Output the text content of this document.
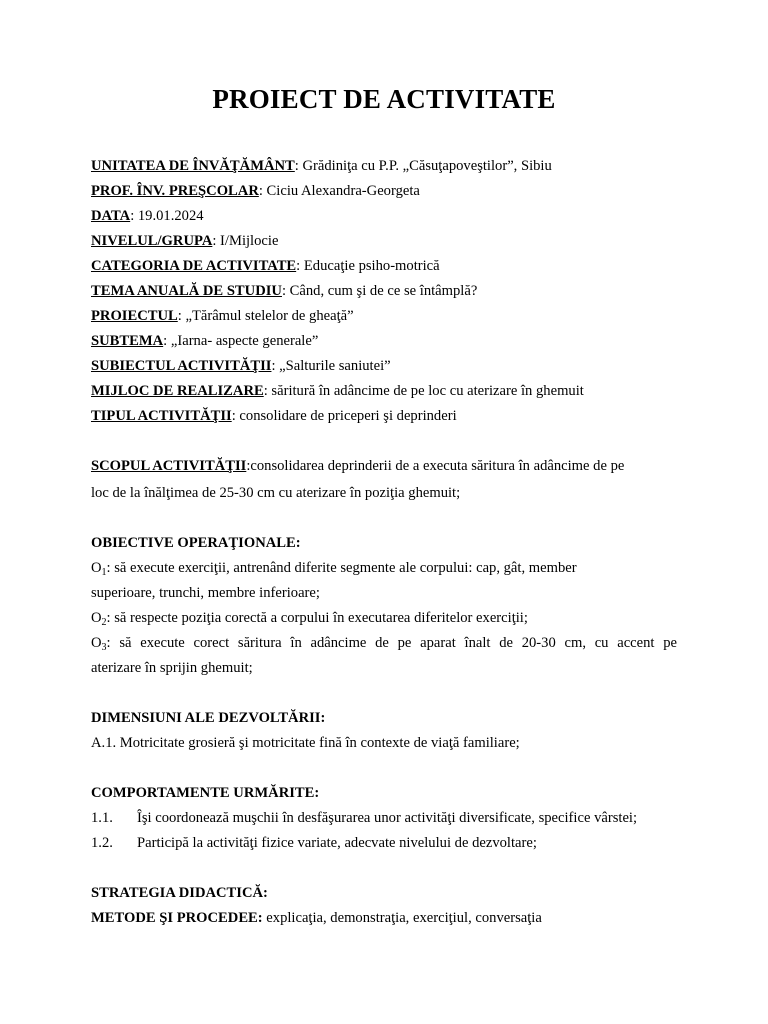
PROIECT DE ACTIVITATE
UNITATEA DE ÎNVĂŢĂMÂNT: Grădiniţa cu P.P. „Căsuţapoveştilor”, Sibiu
PROF. ÎNV. PREŞCOLAR: Ciciu Alexandra-Georgeta
DATA: 19.01.2024
NIVELUL/GRUPA: I/Mijlocie
CATEGORIA DE ACTIVITATE: Educaţie psiho-motrică
TEMA ANUALĂ DE STUDIU: Când, cum şi de ce se întâmplă?
PROIECTUL: „Tărâmul stelelor de gheaţă”
SUBTEMA: „Iarna- aspecte generale”
SUBIECTUL ACTIVITĂŢII: „Salturile saniutei”
MIJLOC DE REALIZARE: săritură în adâncime de pe loc cu aterizare în ghemuit
TIPUL ACTIVITĂŢII: consolidare de priceperi şi deprinderi
SCOPUL ACTIVITĂŢII:consolidarea deprinderii de a executa săritura în adâncime de pe
loc de la înălţimea de 25-30 cm cu aterizare în poziţia ghemuit;
OBIECTIVE OPERAŢIONALE:
$O_1$: să execute exerciţii, antrenând diferite segmente ale corpului: cap, gât, member
superioare, trunchi, membre inferioare;
$O_2$: să respecte poziţia corectă a corpului în executarea diferitelor exerciţii;
$O_3$: să execute corect săritura în adâncime de pe aparat înalt de 20-30 cm, cu accent pe
aterizare în sprijin ghemuit;
DIMENSIUNI ALE DEZVOLTĂRII:
A.1. Motricitate grosieră şi motricitate fină în contexte de viaţă familiare;
COMPORTAMENTE URMĂRITE:
1.1. Îşi coordonează muşchii în desfăşurarea unor activităţi diversificate, specifice vârstei;
1.2. Participă la activităţi fizice variate, adecvate nivelului de dezvoltare;
STRATEGIA DIDACTICĂ:
METODE ŞI PROCEDEE: explicaţia, demonstraţia, exerciţiul, conversaţia
